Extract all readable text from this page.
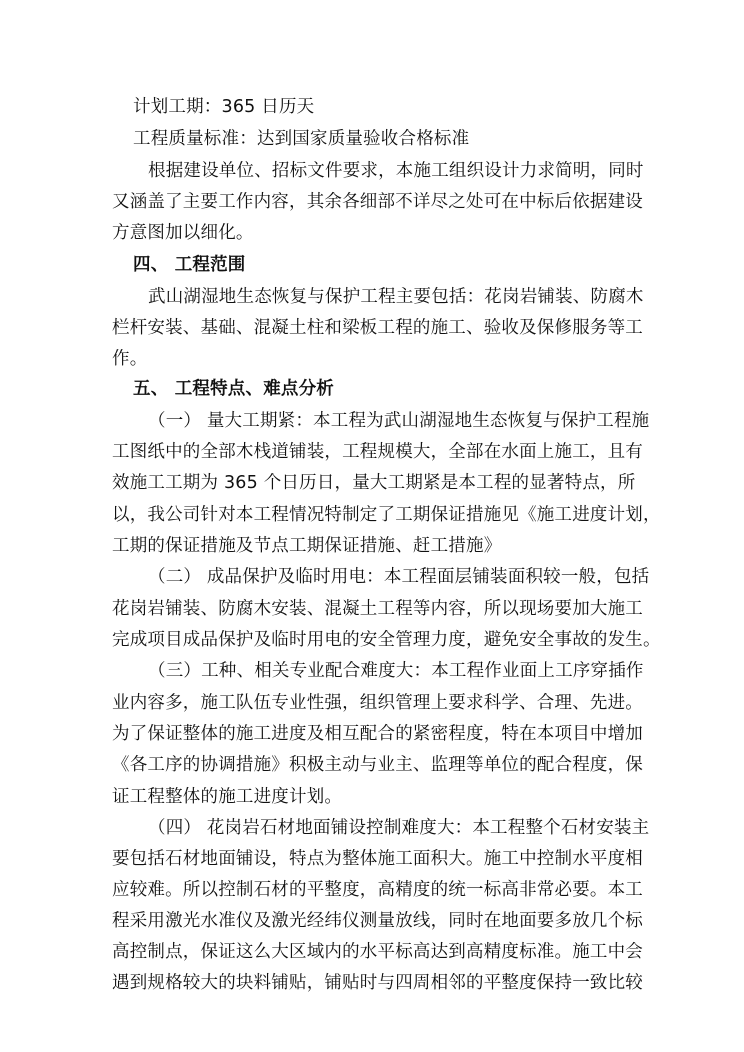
计划工期：365 日历天
工程质量标准：达到国家质量验收合格标准
根据建设单位、招标文件要求，本施工组织设计力求简明，同时
又涵盖了主要工作内容，其余各细部不详尽之处可在中标后依据建设
方意图加以细化。
四、 工程范围
武山湖湿地生态恢复与保护工程主要包括：花岗岩铺装、防腐木
栏杆安装、基础、混凝土柱和梁板工程的施工、验收及保修服务等工
作。
五、 工程特点、难点分析
（一） 量大工期紧：本工程为武山湖湿地生态恢复与保护工程施
工图纸中的全部木栈道铺装，工程规模大，全部在水面上施工，且有
效施工工期为 365 个日历日，量大工期紧是本工程的显著特点，所
以，我公司针对本工程情况特制定了工期保证措施见《施工进度计划，
工期的保证措施及节点工期保证措施、赶工措施》
（二） 成品保护及临时用电：本工程面层铺装面积较一般，包括
花岗岩铺装、防腐木安装、混凝土工程等内容，所以现场要加大施工
完成项目成品保护及临时用电的安全管理力度，避免安全事故的发生。
（三）工种、相关专业配合难度大：本工程作业面上工序穿插作
业内容多，施工队伍专业性强，组织管理上要求科学、合理、先进。
为了保证整体的施工进度及相互配合的紧密程度，特在本项目中增加
《各工序的协调措施》积极主动与业主、监理等单位的配合程度，保
证工程整体的施工进度计划。
（四） 花岗岩石材地面铺设控制难度大：本工程整个石材安装主
要包括石材地面铺设，特点为整体施工面积大。施工中控制水平度相
应较难。所以控制石材的平整度，高精度的统一标高非常必要。本工
程采用激光水准仪及激光经纬仪测量放线，同时在地面要多放几个标
高控制点，保证这么大区域内的水平标高达到高精度标准。施工中会
遇到规格较大的块料铺贴，铺贴时与四周相邻的平整度保持一致比较
